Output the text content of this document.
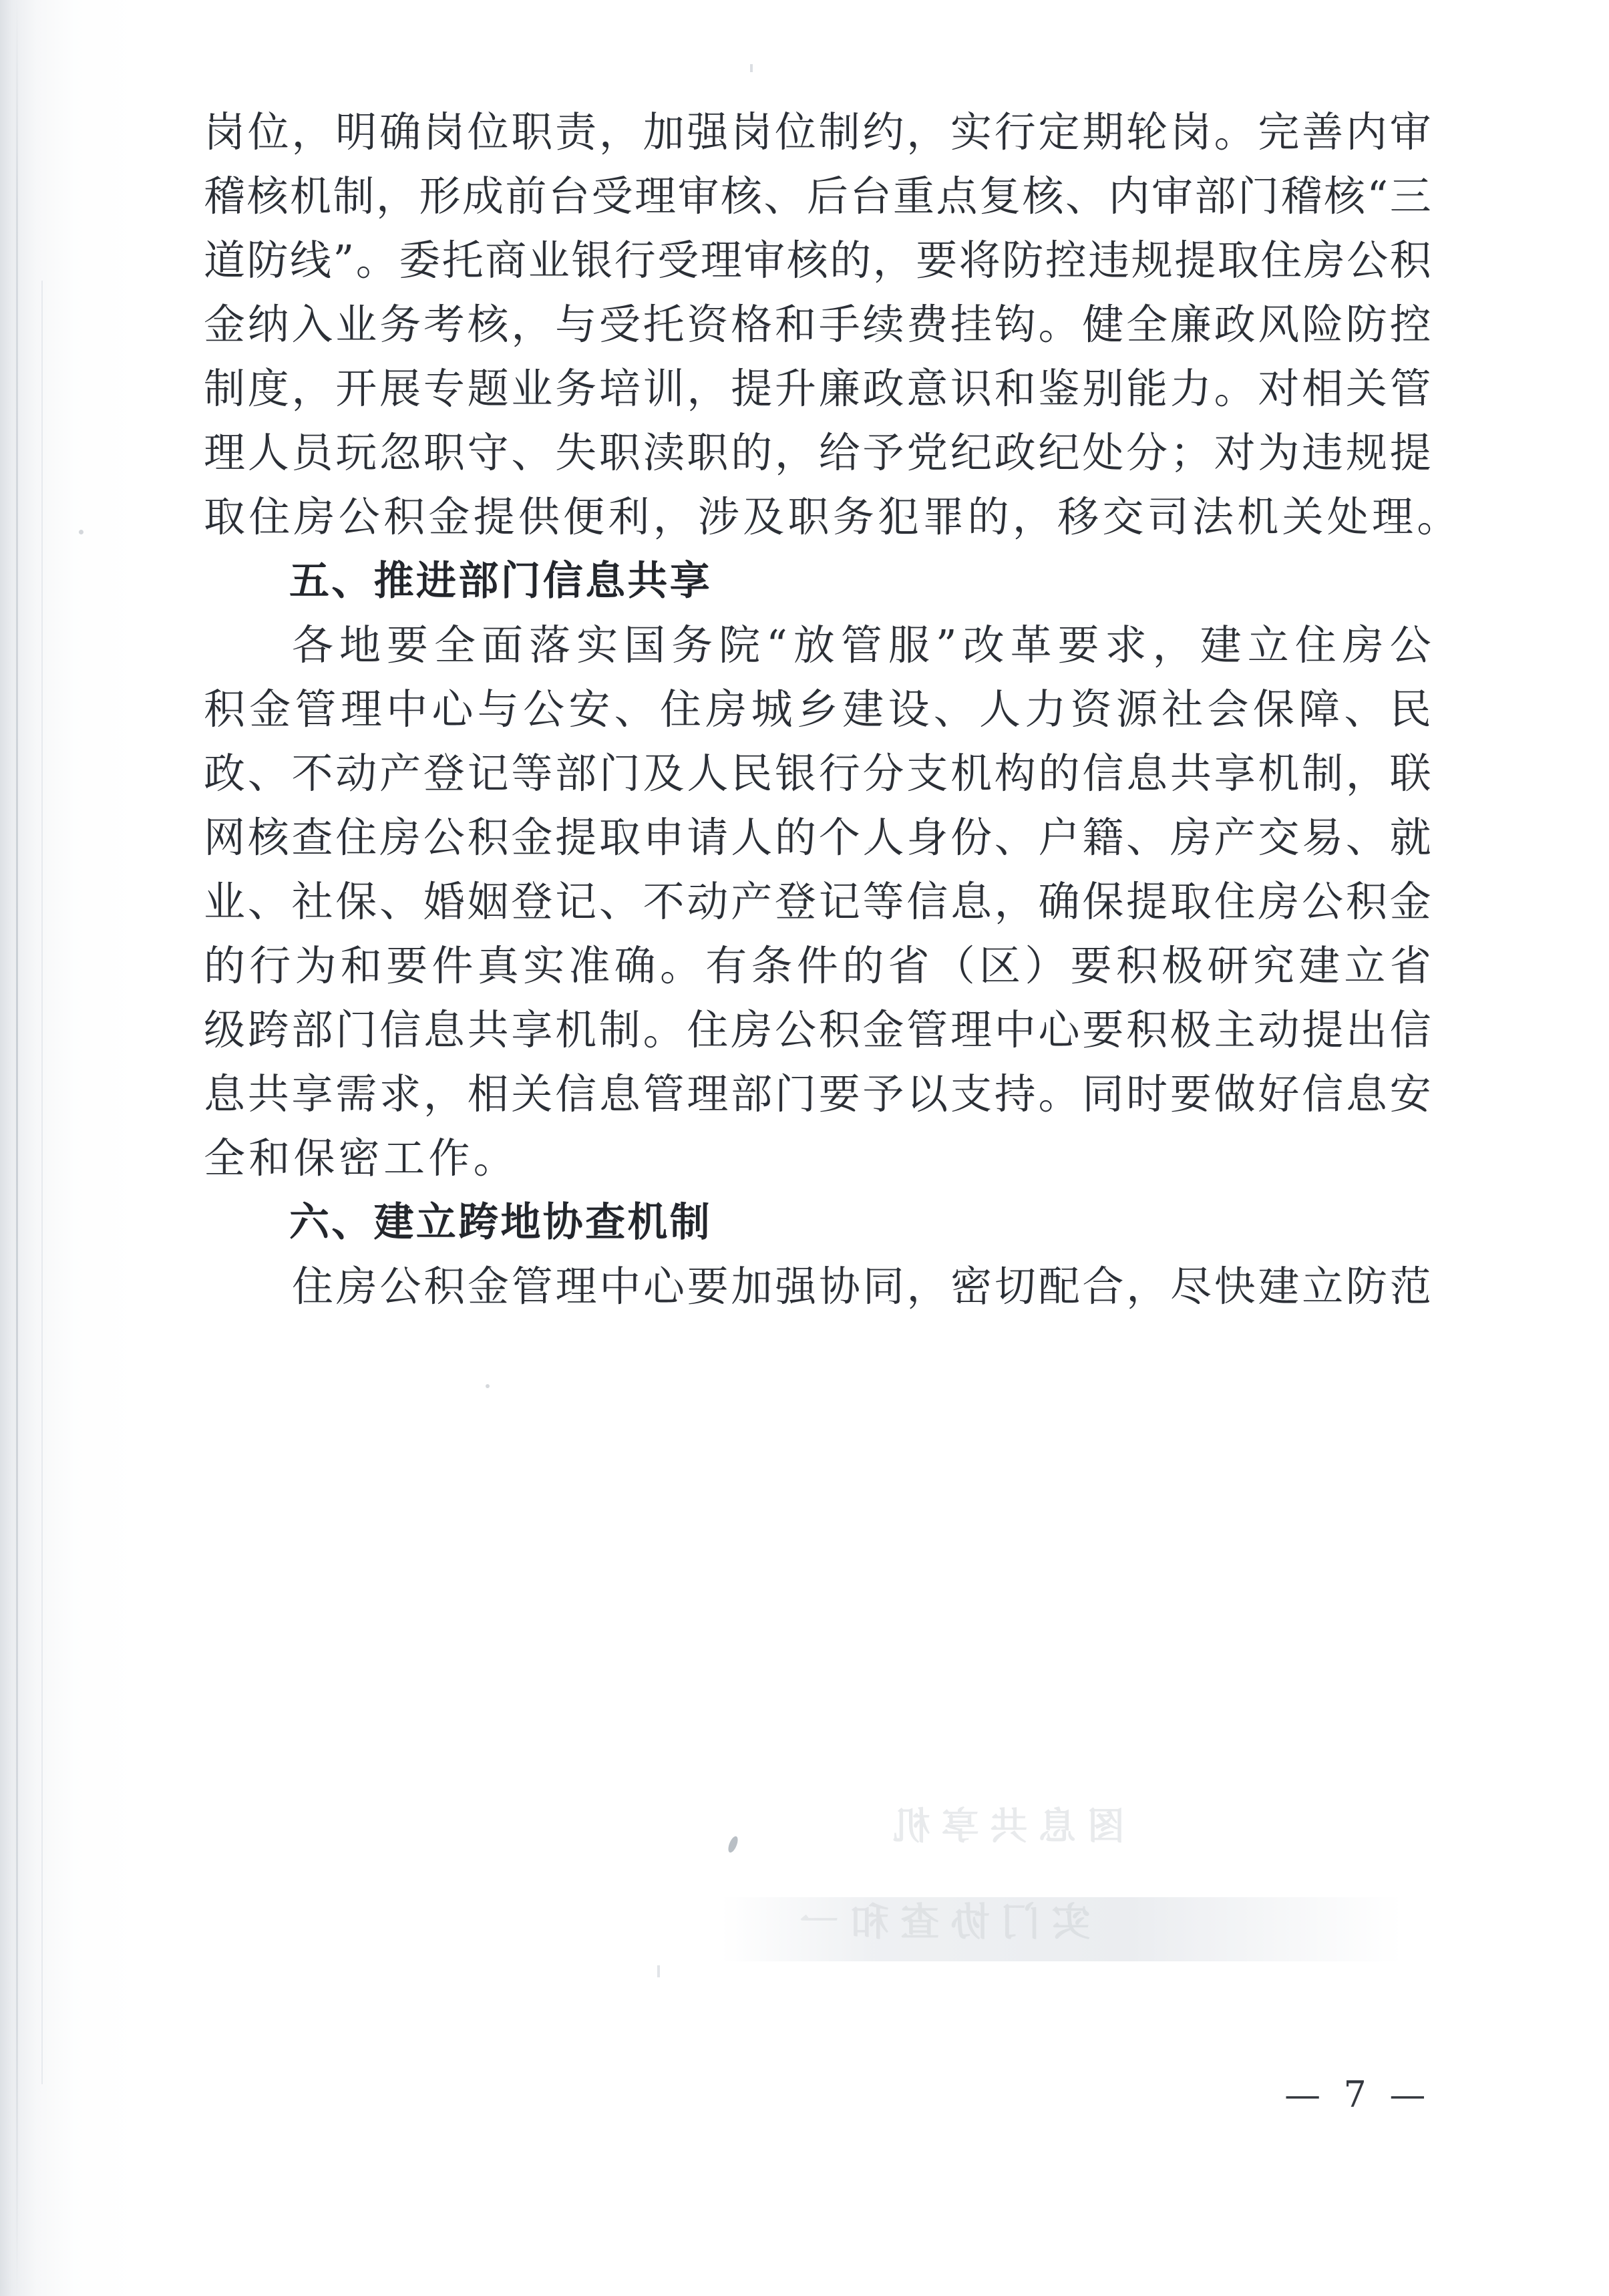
图息共享机
实门协查和一
岗 位 ， 明 确 岗 位 职 责 ， 加 强 岗 位 制 约 ， 实 行 定 期 轮 岗 。 完 善 内 审
稽 核 机 制 ， 形 成 前 台 受 理 审 核 、 后 台 重 点 复 核 、 内 审 部 门 稽 核 “ 三
道 防 线 ” 。 委 托 商 业 银 行 受 理 审 核 的 ， 要 将 防 控 违 规 提 取 住 房 公 积
金 纳 入 业 务 考 核 ， 与 受 托 资 格 和 手 续 费 挂 钩 。 健 全 廉 政 风 险 防 控
制 度 ， 开 展 专 题 业 务 培 训 ， 提 升 廉 政 意 识 和 鉴 别 能 力 。 对 相 关 管
理 人 员 玩 忽 职 守 、 失 职 渎 职 的 ， 给 予 党 纪 政 纪 处 分 ； 对 为 违 规 提
取住房公积金提供便利，涉及职务犯罪的，移交司法机关处理。
五、推进部门信息共享
各 地 要 全 面 落 实 国 务 院 “ 放 管 服 ” 改 革 要 求 ， 建 立 住 房 公
积 金 管 理 中 心 与 公 安 、 住 房 城 乡 建 设 、 人 力 资 源 社 会 保 障 、 民
政 、 不 动 产 登 记 等 部 门 及 人 民 银 行 分 支 机 构 的 信 息 共 享 机 制 ， 联
网 核 查 住 房 公 积 金 提 取 申 请 人 的 个 人 身 份 、 户 籍 、 房 产 交 易 、 就
业 、 社 保 、 婚 姻 登 记 、 不 动 产 登 记 等 信 息 ， 确 保 提 取 住 房 公 积 金
的 行 为 和 要 件 真 实 准 确 。 有 条 件 的 省 （ 区 ） 要 积 极 研 究 建 立 省
级 跨 部 门 信 息 共 享 机 制 。 住 房 公 积 金 管 理 中 心 要 积 极 主 动 提 出 信
息 共 享 需 求 ， 相 关 信 息 管 理 部 门 要 予 以 支 持 。 同 时 要 做 好 信 息 安
全和保密工作。
六、建立跨地协查机制
住 房 公 积 金 管 理 中 心 要 加 强 协 同 ， 密 切 配 合 ， 尽 快 建 立 防 范
— 7 —
